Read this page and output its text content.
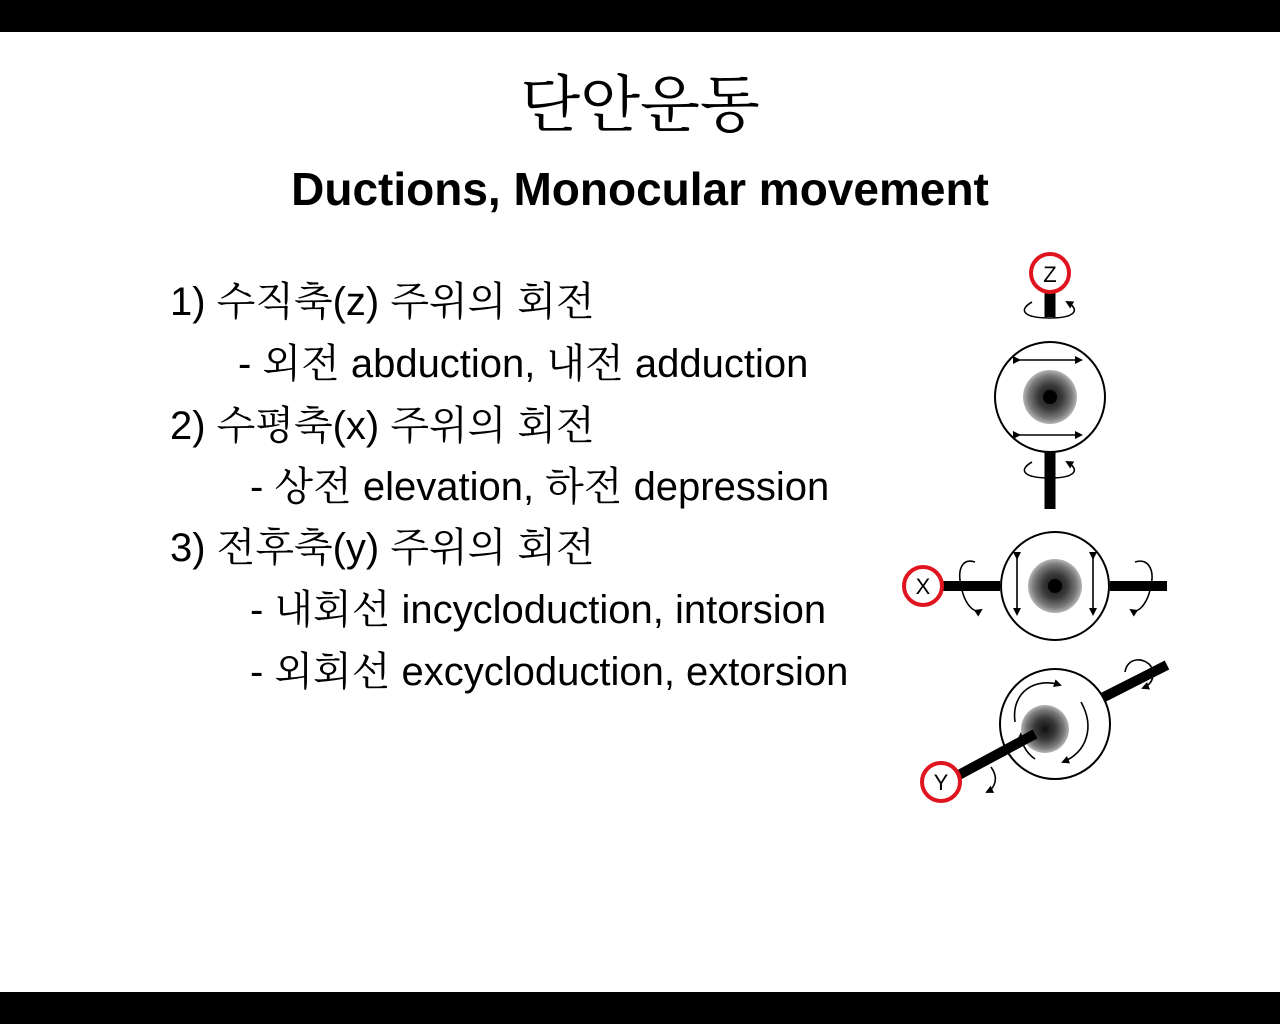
단안운동
Ductions, Monocular movement
1) 수직축(z) 주위의 회전
- 외전 abduction, 내전 adduction
2) 수평축(x) 주위의 회전
- 상전 elevation, 하전 depression
3) 전후축(y) 주위의 회전
- 내회선 incycloduction, intorsion
- 외회선 excycloduction, extorsion
Z
X
Y
